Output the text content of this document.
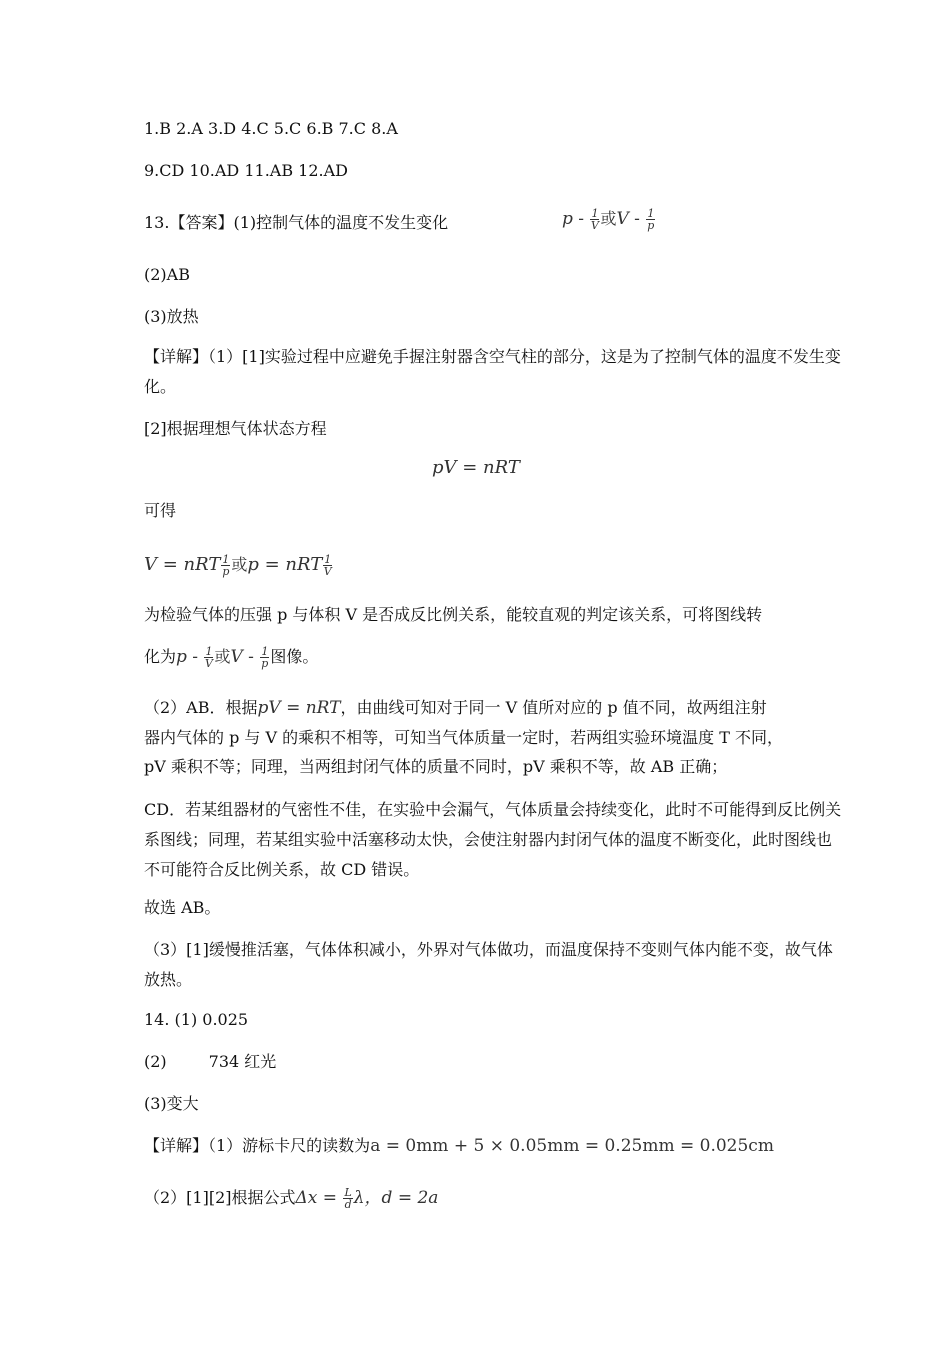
1.B 2.A 3.D 4.C 5.C 6.B 7.C 8.A
9.CD 10.AD 11.AB 12.AD
13.【答案】(1)控制气体的温度不发生变化	p - $\frac{1}{V}$ 或V - $\frac{1}{p}$
(2)AB
(3)放热
【详解】（1）[1]实验过程中应避免手握注射器含空气柱的部分，这是为了控制气体的温度不发生变化。
[2]根据理想气体状态方程
pV = nRT
可得
V = nRT $\frac{1}{p}$ 或p = nRT $\frac{1}{V}$
为检验气体的压强 p 与体积 V 是否成反比例关系，能较直观的判定该关系，可将图线转
化为p - $\frac{1}{V}$ 或V - $\frac{1}{p}$ 图像。
（2）AB．根据pV = nRT，由曲线可知对于同一 V 值所对应的 p 值不同，故两组注射
器内气体的 p 与 V 的乘积不相等，可知当气体质量一定时，若两组实验环境温度 T 不同，
pV 乘积不等；同理，当两组封闭气体的质量不同时，pV 乘积不等，故 AB 正确；
CD．若某组器材的气密性不佳，在实验中会漏气，气体质量会持续变化，此时不可能得到反比例关系图线；同理，若某组实验中活塞移动太快，会使注射器内封闭气体的温度不断变化，此时图线也不可能符合反比例关系，故 CD 错误。
故选 AB。
（3）[1]缓慢推活塞，气体体积减小，外界对气体做功，而温度保持不变则气体内能不变，故气体放热。
14. (1) 0.025
(2)	734 红光
(3)变大
【详解】（1）游标卡尺的读数为a = 0mm + 5 × 0.05mm = 0.25mm = 0.025cm
（2）[1][2]根据公式$\Delta x = \frac{L}{d}$ λ，d = 2a
